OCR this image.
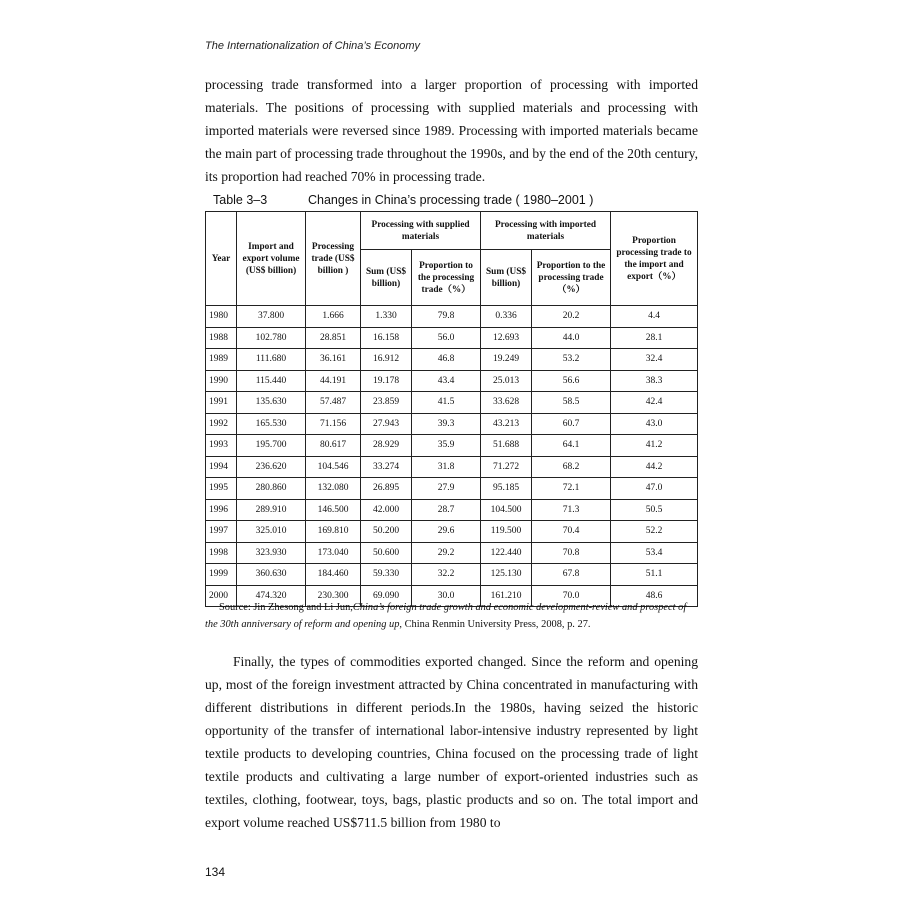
The Internationalization of China’s Economy

processing trade transformed into a larger proportion of processing with imported materials. The positions of processing with supplied materials and processing with imported materials were reversed since 1989. Processing with imported materials became the main part of processing trade throughout the 1990s, and by the end of the 20th century, its proportion had reached 70% in processing trade.

Table 3–3	Changes in China’s processing trade ( 1980–2001 )
Year	Import and export volume (US$ billion)	Processing trade (US$ billion )	Processing with supplied materials		Processing with imported materials		Proportion processing trade to the import and export（%）
			Sum (US$ billion)	Proportion to the processing trade（%）	Sum (US$ billion)	Proportion to the processing trade（%）	
1980	37.800	1.666	1.330	79.8	0.336	20.2	4.4
1988	102.780	28.851	16.158	56.0	12.693	44.0	28.1
1989	111.680	36.161	16.912	46.8	19.249	53.2	32.4
1990	115.440	44.191	19.178	43.4	25.013	56.6	38.3
1991	135.630	57.487	23.859	41.5	33.628	58.5	42.4
1992	165.530	71.156	27.943	39.3	43.213	60.7	43.0
1993	195.700	80.617	28.929	35.9	51.688	64.1	41.2
1994	236.620	104.546	33.274	31.8	71.272	68.2	44.2
1995	280.860	132.080	26.895	27.9	95.185	72.1	47.0
1996	289.910	146.500	42.000	28.7	104.500	71.3	50.5
1997	325.010	169.810	50.200	29.6	119.500	70.4	52.2
1998	323.930	173.040	50.600	29.2	122.440	70.8	53.4
1999	360.630	184.460	59.330	32.2	125.130	67.8	51.1
2000	474.320	230.300	69.090	30.0	161.210	70.0	48.6

Source: Jin Zhesong and Li Jun,China’s foreign trade growth and economic development-review and prospect of the 30th anniversary of reform and opening up, China Renmin University Press, 2008, p. 27.

Finally, the types of commodities exported changed. Since the reform and opening up, most of the foreign investment attracted by China concentrated in manufacturing with different distributions in different periods.In the 1980s, having seized the historic opportunity of the transfer of international labor-intensive industry represented by light textile products to developing countries, China focused on the processing trade of light textile products and cultivating a large number of export-oriented industries such as textiles, clothing, footwear, toys, bags, plastic products and so on. The total import and export volume reached US$711.5 billion from 1980 to

134
